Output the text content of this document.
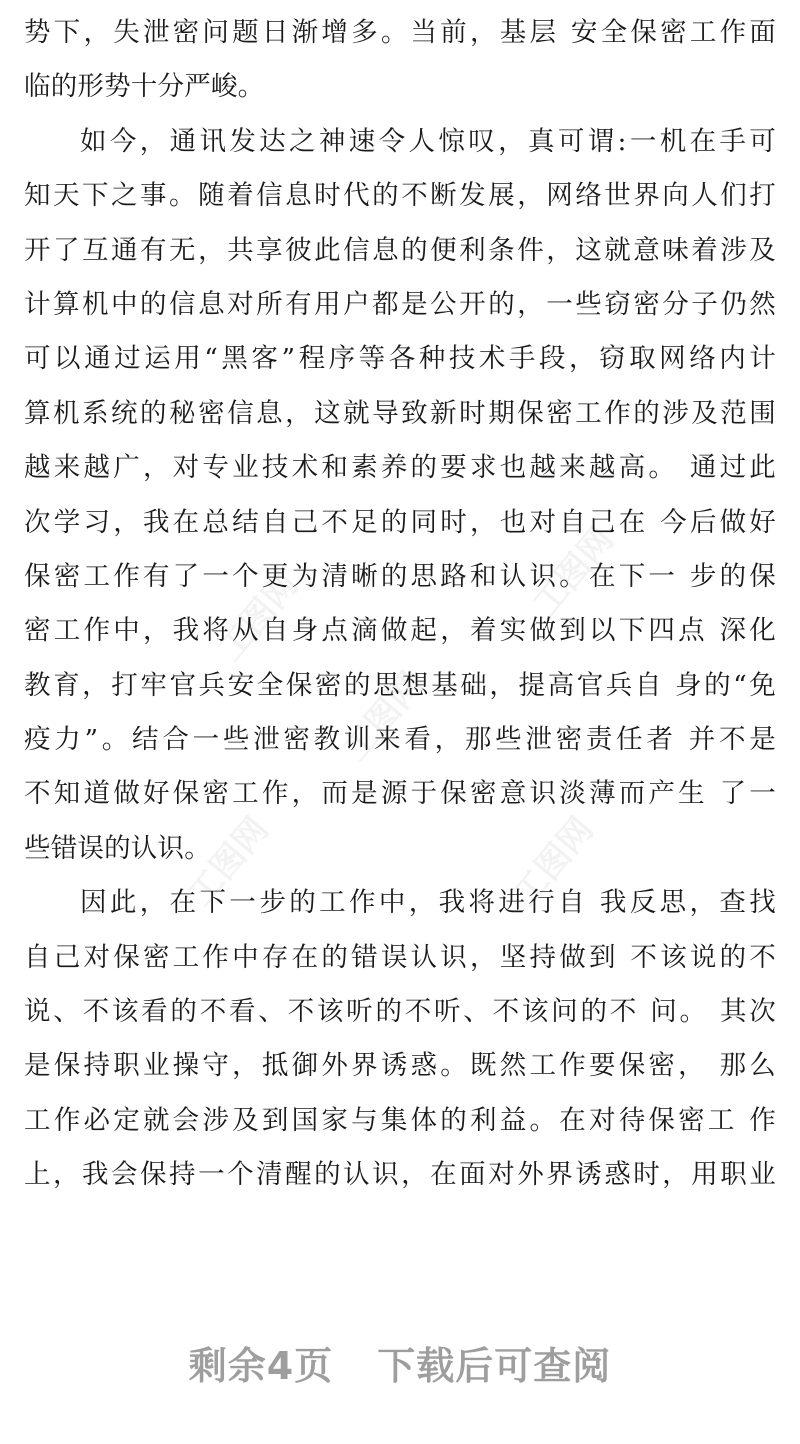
工图网
工图网
工图网
工图网	工图网
势下，失泄密问题日渐增多。当前，基层 安全保密工作面
临的形势十分严峻。
如今，通讯发达之神速令人惊叹，真可谓:一机在手可
知天下之事。随着信息时代的不断发展，网络世界向人们打
开了互通有无，共享彼此信息的便利条件，这就意味着涉及
计算机中的信息对所有用户都是公开的，一些窃密分子仍然
可以通过运用“黑客”程序等各种技术手段，窃取网络内计
算机系统的秘密信息，这就导致新时期保密工作的涉及范围
越来越广，对专业技术和素养的要求也越来越高。 通过此
次学习，我在总结自己不足的同时，也对自己在 今后做好
保密工作有了一个更为清晰的思路和认识。在下一 步的保
密工作中，我将从自身点滴做起，着实做到以下四点 深化
教育，打牢官兵安全保密的思想基础，提高官兵自 身的“免
疫力”。结合一些泄密教训来看，那些泄密责任者 并不是
不知道做好保密工作，而是源于保密意识淡薄而产生 了一
些错误的认识。
因此，在下一步的工作中，我将进行自 我反思，查找
自己对保密工作中存在的错误认识，坚持做到 不该说的不
说、不该看的不看、不该听的不听、不该问的不 问。 其次
是保持职业操守，抵御外界诱惑。既然工作要保密， 那么
工作必定就会涉及到国家与集体的利益。在对待保密工 作
上，我会保持一个清醒的认识，在面对外界诱惑时，用职业
剩余4页 下载后可查阅
